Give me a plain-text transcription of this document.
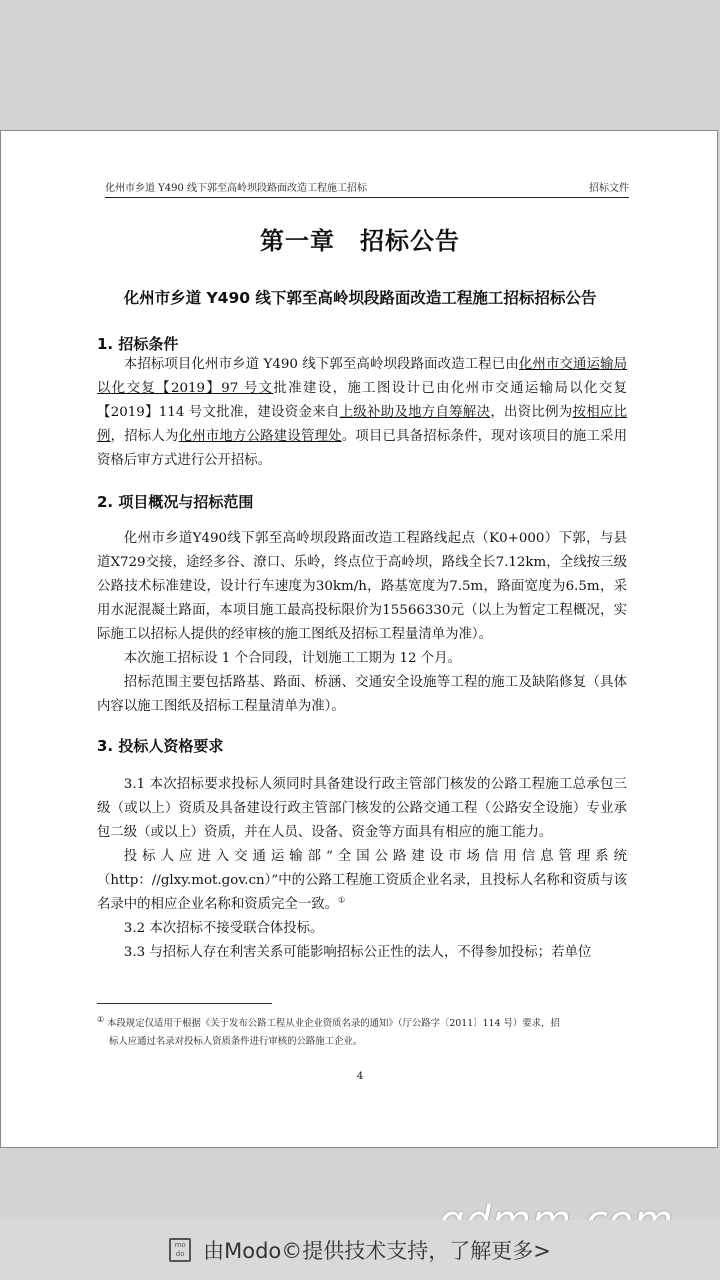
化州市乡道 Y490 线下郭至高岭坝段路面改造工程施工招标	招标文件
第一章　招标公告
化州市乡道 Y490 线下郭至高岭坝段路面改造工程施工招标招标公告
1. 招标条件

本招标项目化州市乡道 Y490 线下郭至高岭坝段路面改造工程已由化州市交通运输局以化交复【2019】97 号文批准建设，施工图设计已由化州市交通运输局以化交复【2019】114 号文批准，建设资金来自上级补助及地方自筹解决，出资比例为按相应比例，招标人为化州市地方公路建设管理处。项目已具备招标条件，现对该项目的施工采用资格后审方式进行公开招标。

2. 项目概况与招标范围

化州市乡道Y490线下郭至高岭坝段路面改造工程路线起点（K0+000）下郭，与县道X729交接，途经多谷、潦口、乐岭，终点位于高岭坝，路线全长7.12km，全线按三级公路技术标准建设，设计行车速度为30km/h，路基宽度为7.5m，路面宽度为6.5m，采用水泥混凝土路面，本项目施工最高投标限价为15566330元（以上为暂定工程概况，实际施工以招标人提供的经审核的施工图纸及招标工程量清单为准）。

本次施工招标设 1 个合同段，计划施工工期为 12 个月。

招标范围主要包括路基、路面、桥涵、交通安全设施等工程的施工及缺陷修复（具体内容以施工图纸及招标工程量清单为准）。

3. 投标人资格要求

3.1 本次招标要求投标人须同时具备建设行政主管部门核发的公路工程施工总承包三级（或以上）资质及具备建设行政主管部门核发的公路交通工程（公路安全设施）专业承包二级（或以上）资质，并在人员、设备、资金等方面具有相应的施工能力。

投标人应进入交通运输部“全国公路建设市场信用信息管理系统（http：//glxy.mot.gov.cn）”中的公路工程施工资质企业名录，且投标人名称和资质与该名录中的相应企业名称和资质完全一致。①

3.2 本次招标不接受联合体投标。

3.3 与招标人存在利害关系可能影响招标公正性的法人，不得参加投标；若单位

① 本段规定仅适用于根据《关于发布公路工程从业企业资质名录的通知》（厅公路字〔2011〕114 号）要求，招

标人应通过名录对投标人资质条件进行审核的公路施工企业。

4
mo do 由Modo©提供技术支持，了解更多>
